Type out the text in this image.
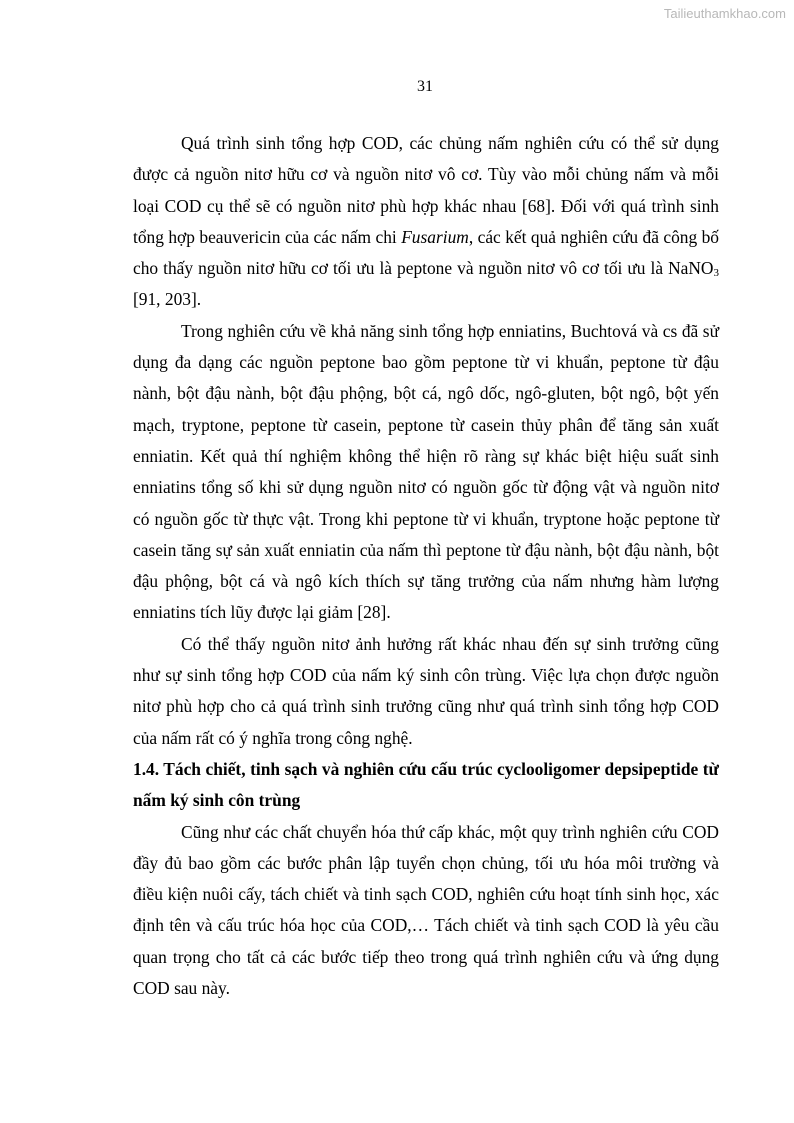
Tailieuthamkhao.com
31

Quá trình sinh tổng hợp COD, các chủng nấm nghiên cứu có thể sử dụng được cả nguồn nitơ hữu cơ và nguồn nitơ vô cơ. Tùy vào mỗi chủng nấm và mỗi loại COD cụ thể sẽ có nguồn nitơ phù hợp khác nhau [68]. Đối với quá trình sinh tổng hợp beauvericin của các nấm chi Fusarium, các kết quả nghiên cứu đã công bố cho thấy nguồn nitơ hữu cơ tối ưu là peptone và nguồn nitơ vô cơ tối ưu là NaNO$_3$ [91, 203].

Trong nghiên cứu về khả năng sinh tổng hợp enniatins, Buchtová và cs đã sử dụng đa dạng các nguồn peptone bao gồm peptone từ vi khuẩn, peptone từ đậu nành, bột đậu nành, bột đậu phộng, bột cá, ngô dốc, ngô-gluten, bột ngô, bột yến mạch, tryptone, peptone từ casein, peptone từ casein thủy phân để tăng sản xuất enniatin. Kết quả thí nghiệm không thể hiện rõ ràng sự khác biệt hiệu suất sinh enniatins tổng số khi sử dụng nguồn nitơ có nguồn gốc từ động vật và nguồn nitơ có nguồn gốc từ thực vật. Trong khi peptone từ vi khuẩn, tryptone hoặc peptone từ casein tăng sự sản xuất enniatin của nấm thì peptone từ đậu nành, bột đậu nành, bột đậu phộng, bột cá và ngô kích thích sự tăng trưởng của nấm nhưng hàm lượng enniatins tích lũy được lại giảm [28].

Có thể thấy nguồn nitơ ảnh hưởng rất khác nhau đến sự sinh trưởng cũng như sự sinh tổng hợp COD của nấm ký sinh côn trùng. Việc lựa chọn được nguồn nitơ phù hợp cho cả quá trình sinh trưởng cũng như quá trình sinh tổng hợp COD của nấm rất có ý nghĩa trong công nghệ.

1.4. Tách chiết, tinh sạch và nghiên cứu cấu trúc cyclooligomer depsipeptide từ nấm ký sinh côn trùng

Cũng như các chất chuyển hóa thứ cấp khác, một quy trình nghiên cứu COD đầy đủ bao gồm các bước phân lập tuyển chọn chủng, tối ưu hóa môi trường và điều kiện nuôi cấy, tách chiết và tinh sạch COD, nghiên cứu hoạt tính sinh học, xác định tên và cấu trúc hóa học của COD,… Tách chiết và tinh sạch COD là yêu cầu quan trọng cho tất cả các bước tiếp theo trong quá trình nghiên cứu và ứng dụng COD sau này.
